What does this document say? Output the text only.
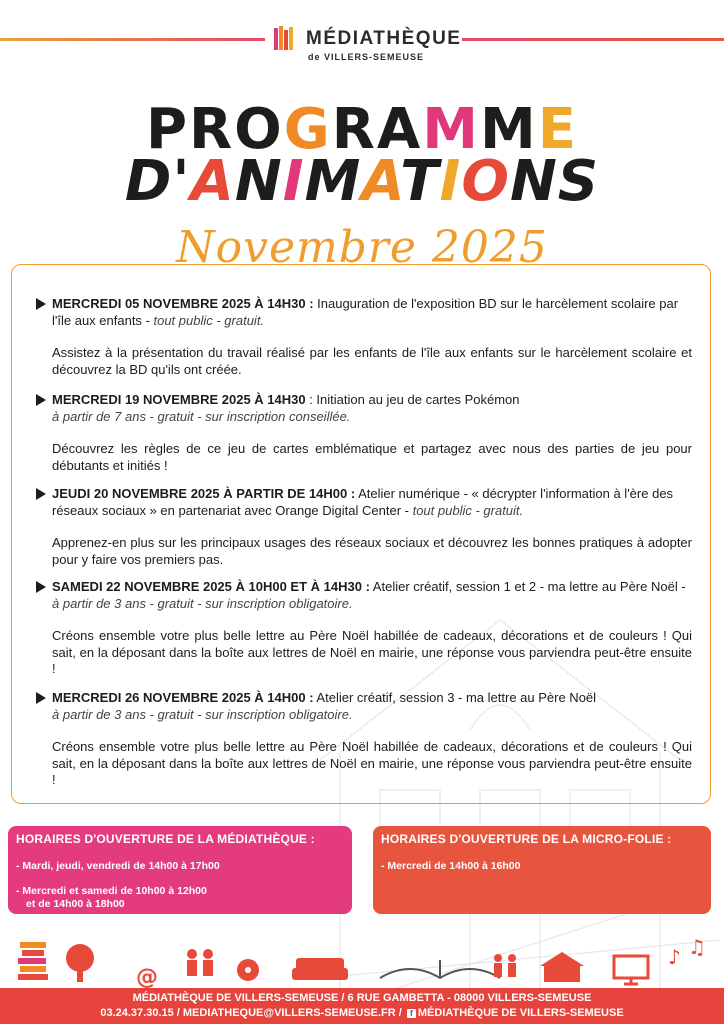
MÉDIATHÈQUE
de VILLERS-SEMEUSE
PROGRAMME
D'ANIMATIONS
Novembre 2025
MERCREDI 05 NOVEMBRE 2025 À 14H30 : Inauguration de l'exposition BD sur le harcèlement scolaire par l'île aux enfants - tout public - gratuit.
Assistez à la présentation du travail réalisé par les enfants de l'île aux enfants sur le harcèlement scolaire et découvrez la BD qu'ils ont créée.
MERCREDI 19 NOVEMBRE 2025 À 14H30 : Initiation au jeu de cartes Pokémon
à partir de 7 ans - gratuit - sur inscription conseillée.
Découvrez les règles de ce jeu de cartes emblématique et partagez avec nous des parties de jeu pour débutants et initiés !
JEUDI 20 NOVEMBRE 2025 À PARTIR DE 14H00 : Atelier numérique - « décrypter l'information à l'ère des réseaux sociaux » en partenariat avec Orange Digital Center - tout public - gratuit.
Apprenez-en plus sur les principaux usages des réseaux sociaux et découvrez les bonnes pratiques à adopter pour y faire vos premiers pas.
SAMEDI 22 NOVEMBRE 2025 À 10H00 ET À 14H30 : Atelier créatif, session 1 et 2 - ma lettre au Père Noël - à partir de 3 ans - gratuit - sur inscription obligatoire.
Créons ensemble votre plus belle lettre au Père Noël habillée de cadeaux, décorations et de couleurs ! Qui sait, en la déposant dans la boîte aux lettres de Noël en mairie, une réponse vous parviendra peut-être ensuite !
MERCREDI 26 NOVEMBRE 2025 À 14H00 : Atelier créatif, session 3 - ma lettre au Père Noël
à partir de 3 ans - gratuit - sur inscription obligatoire.
Créons ensemble votre plus belle lettre au Père Noël habillée de cadeaux, décorations et de couleurs ! Qui sait, en la déposant dans la boîte aux lettres de Noël en mairie, une réponse vous parviendra peut-être ensuite !
HORAIRES D'OUVERTURE DE LA MÉDIATHÈQUE :
- Mardi, jeudi, vendredi de 14h00 à 17h00
- Mercredi et samedi de 10h00 à 12h00
et de 14h00 à 18h00
HORAIRES D'OUVERTURE DE LA MICRO-FOLIE :
- Mercredi de 14h00 à 16h00
@
♪ ♫
MÉDIATHÈQUE DE VILLERS-SEMEUSE / 6 RUE GAMBETTA - 08000 VILLERS-SEMEUSE
03.24.37.30.15 / MEDIATHEQUE@VILLERS-SEMEUSE.FR / f MÉDIATHÈQUE DE VILLERS-SEMEUSE
